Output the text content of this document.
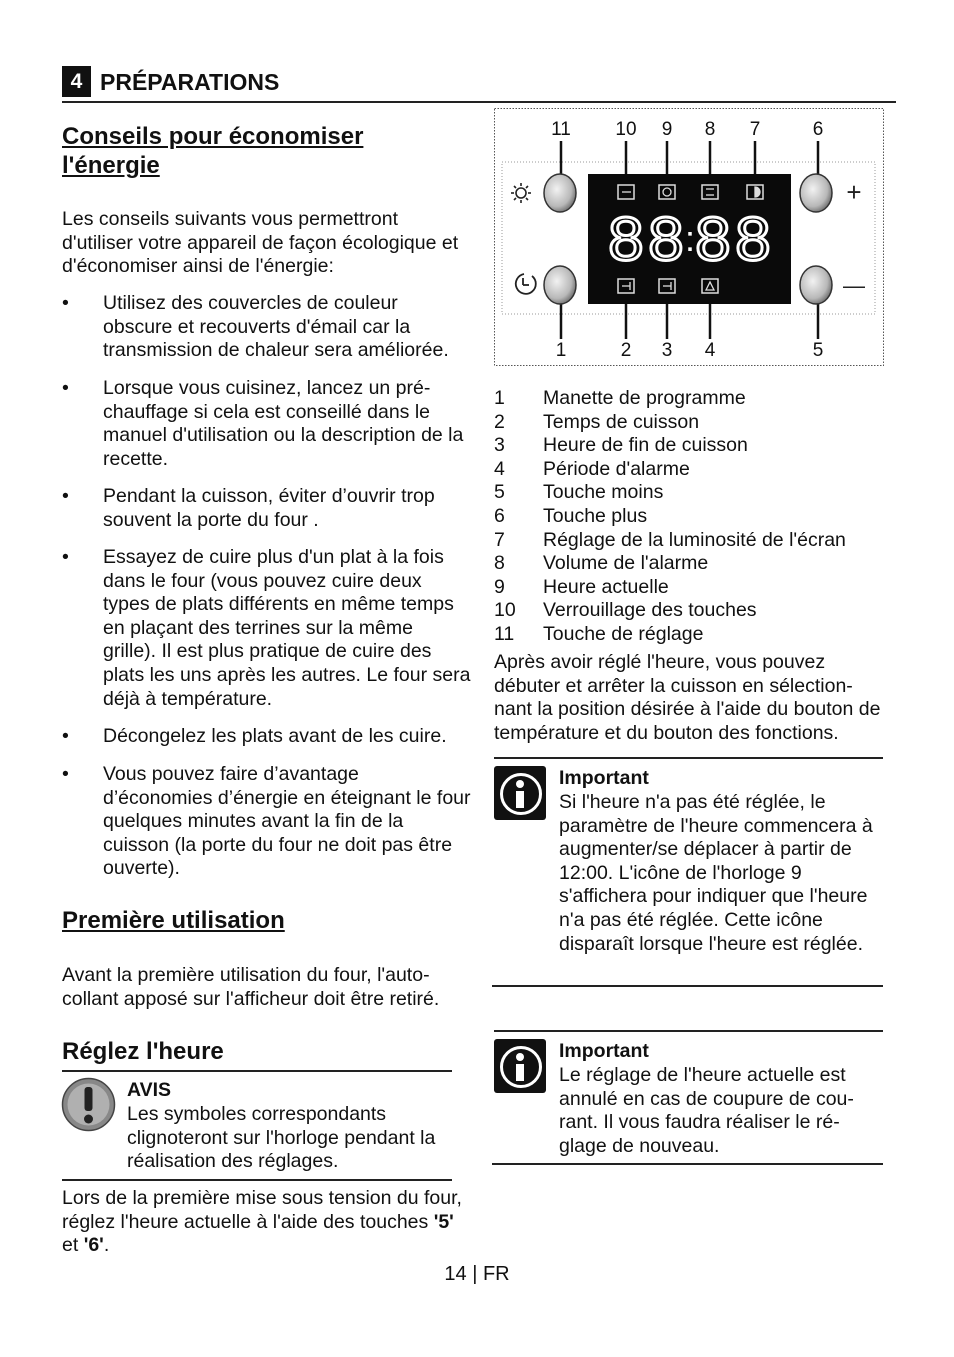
4 PRÉPARATIONS
Conseils pour économiser
l'énergie

Les conseils suivants vous permettront d'utiliser votre appareil de façon écologique et d'économiser ainsi de l'énergie:

• Utilisez des couvercles de couleur obscure et recouverts d'émail car la transmission de chaleur sera améliorée.
• Lorsque vous cuisinez, lancez un pré-chauffage si cela est conseillé dans le manuel d'utilisation ou la description de la recette.
• Pendant la cuisson, éviter d’ouvrir trop souvent la porte du four .
• Essayez de cuire plus d'un plat à la fois dans le four (vous pouvez cuire deux types de plats différents en même temps en plaçant des terrines sur la même grille). Il est plus pratique de cuire des plats les uns après les autres. Le four sera déjà à température.
• Décongelez les plats avant de les cuire.
• Vous pouvez faire d’avantage d’économies d’énergie en éteignant le four quelques minutes avant la fin de la cuisson (la porte du four ne doit pas être ouverte).
Première utilisation

Avant la première utilisation du four, l'auto-collant apposé sur l'afficheur doit être retiré.

Réglez l'heure
AVIS

Les symboles correspondants clignoteront sur l'horloge pendant la réalisation des réglages.

Lors de la première mise sous tension du four, réglez l'heure actuelle à l'aide des touches '5' et '6'.

11 10 9 8 7	6
1	2 3 4	5
+
—
8 8 8 8
:
1	Manette de programme
2	Temps de cuisson
3	Heure de fin de cuisson
4	Période d'alarme
5	Touche moins
6	Touche plus
7	Réglage de la luminosité de l'écran
8	Volume de l'alarme
9	Heure actuelle
10	Verrouillage des touches
11	Touche de réglage

Après avoir réglé l'heure, vous pouvez débuter et arrêter la cuisson en sélection-nant la position désirée à l'aide du bouton de température et du bouton des fonctions.

Important

Si l'heure n'a pas été réglée, le paramètre de l'heure commencera à augmenter/se déplacer à partir de 12:00. L'icône de l'horloge 9 s'affichera pour indiquer que l'heure n'a pas été réglée. Cette icône disparaît lorsque l'heure est réglée.

Important

Le réglage de l'heure actuelle est annulé en cas de coupure de cou-rant. Il vous faudra réaliser le ré-glage de nouveau.

14 | FR
